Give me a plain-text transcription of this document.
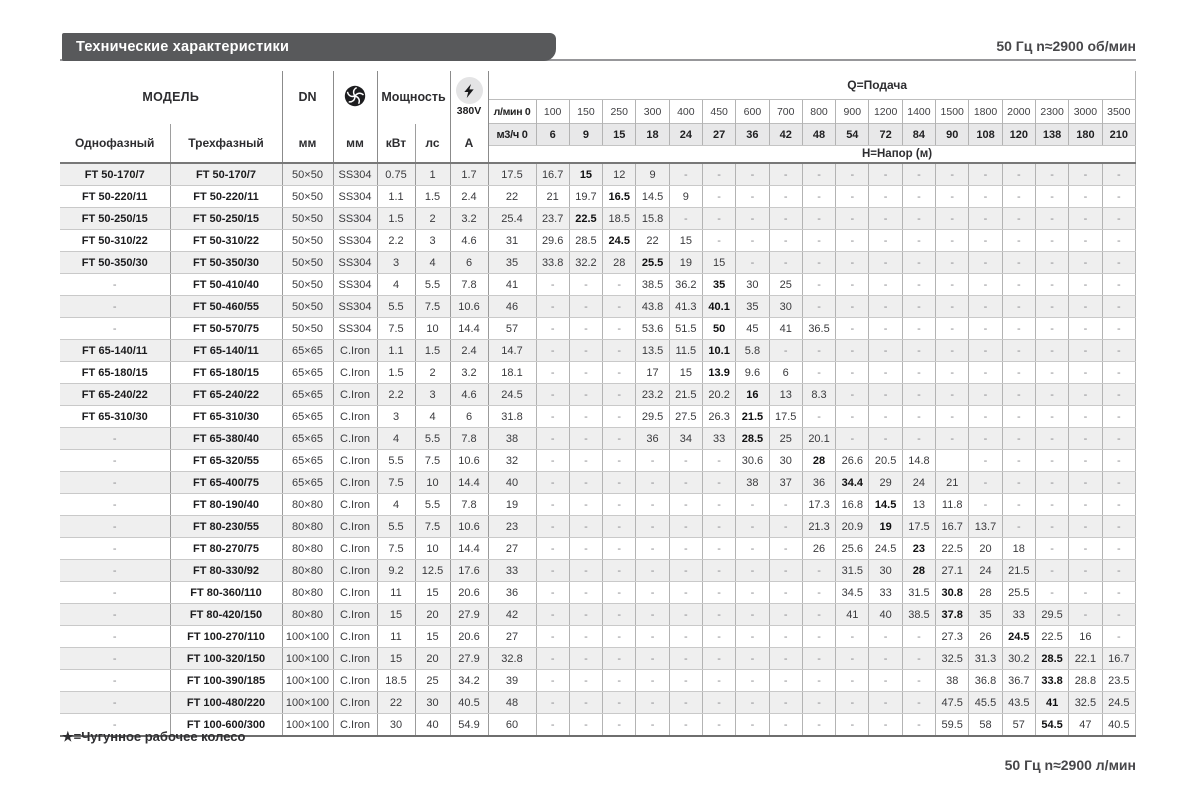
Технические характеристики	50 Гц n≈2900 об/мин
МОДЕЛЬ		DN		Мощность		380V	Q=Подача																		
							л/мин 0	100	150	250	300	400	450	600	700	800	900	1200	1400	1500	1800	2000	2300	3000	3500
Однофазный	Трехфазный	мм	мм	кВт	лс	A	м3/ч 0	6	9	15	18	24	27	36	42	48	54	72	84	90	108	120	138	180	210
							H=Напор (м)																		
FT 50-170/7	FT 50-170/7	50×50	SS304	0.75	1	1.7	17.5	16.7	15	12	9	-	-	-	-	-	-	-	-	-	-	-	-	-	-
FT 50-220/11	FT 50-220/11	50×50	SS304	1.1	1.5	2.4	22	21	19.7	16.5	14.5	9	-	-	-	-	-	-	-	-	-	-	-	-	-
FT 50-250/15	FT 50-250/15	50×50	SS304	1.5	2	3.2	25.4	23.7	22.5	18.5	15.8	-	-	-	-	-	-	-	-	-	-	-	-	-	-
FT 50-310/22	FT 50-310/22	50×50	SS304	2.2	3	4.6	31	29.6	28.5	24.5	22	15	-	-	-	-	-	-	-	-	-	-	-	-	-
FT 50-350/30	FT 50-350/30	50×50	SS304	3	4	6	35	33.8	32.2	28	25.5	19	15	-	-	-	-	-	-	-	-	-	-	-	-
-	FT 50-410/40	50×50	SS304	4	5.5	7.8	41	-	-	-	38.5	36.2	35	30	25	-	-	-	-	-	-	-	-	-	-
-	FT 50-460/55	50×50	SS304	5.5	7.5	10.6	46	-	-	-	43.8	41.3	40.1	35	30	-	-	-	-	-	-	-	-	-	-
-	FT 50-570/75	50×50	SS304	7.5	10	14.4	57	-	-	-	53.6	51.5	50	45	41	36.5	-	-	-	-	-	-	-	-	-
FT 65-140/11	FT 65-140/11	65×65	C.Iron	1.1	1.5	2.4	14.7	-	-	-	13.5	11.5	10.1	5.8	-	-	-	-	-	-	-	-	-	-	-
FT 65-180/15	FT 65-180/15	65×65	C.Iron	1.5	2	3.2	18.1	-	-	-	17	15	13.9	9.6	6	-	-	-	-	-	-	-	-	-	-
FT 65-240/22	FT 65-240/22	65×65	C.Iron	2.2	3	4.6	24.5	-	-	-	23.2	21.5	20.2	16	13	8.3	-	-	-	-	-	-	-	-	-
FT 65-310/30	FT 65-310/30	65×65	C.Iron	3	4	6	31.8	-	-	-	29.5	27.5	26.3	21.5	17.5	-	-	-	-	-	-	-	-	-	-
-	FT 65-380/40	65×65	C.Iron	4	5.5	7.8	38	-	-	-	36	34	33	28.5	25	20.1	-	-	-	-	-	-	-	-	-
-	FT 65-320/55	65×65	C.Iron	5.5	7.5	10.6	32	-	-	-	-	-	-	30.6	30	28	26.6	20.5	14.8		-	-	-	-	-
-	FT 65-400/75	65×65	C.Iron	7.5	10	14.4	40	-	-	-	-	-	-	38	37	36	34.4	29	24	21	-	-	-	-	-
-	FT 80-190/40	80×80	C.Iron	4	5.5	7.8	19	-	-	-	-	-	-	-	-	17.3	16.8	14.5	13	11.8	-	-	-	-	-
-	FT 80-230/55	80×80	C.Iron	5.5	7.5	10.6	23	-	-	-	-	-	-	-	-	21.3	20.9	19	17.5	16.7	13.7	-	-	-	-
-	FT 80-270/75	80×80	C.Iron	7.5	10	14.4	27	-	-	-	-	-	-	-	-	26	25.6	24.5	23	22.5	20	18	-	-	-
-	FT 80-330/92	80×80	C.Iron	9.2	12.5	17.6	33	-	-	-	-	-	-	-	-	-	31.5	30	28	27.1	24	21.5	-	-	-
-	FT 80-360/110	80×80	C.Iron	11	15	20.6	36	-	-	-	-	-	-	-	-	-	34.5	33	31.5	30.8	28	25.5	-	-	-
-	FT 80-420/150	80×80	C.Iron	15	20	27.9	42	-	-	-	-	-	-	-	-	-	41	40	38.5	37.8	35	33	29.5	-	-
-	FT 100-270/110	100×100	C.Iron	11	15	20.6	27	-	-	-	-	-	-	-	-	-	-	-	-	27.3	26	24.5	22.5	16	-
-	FT 100-320/150	100×100	C.Iron	15	20	27.9	32.8	-	-	-	-	-	-	-	-	-	-	-	-	32.5	31.3	30.2	28.5	22.1	16.7
-	FT 100-390/185	100×100	C.Iron	18.5	25	34.2	39	-	-	-	-	-	-	-	-	-	-	-	-	38	36.8	36.7	33.8	28.8	23.5
-	FT 100-480/220	100×100	C.Iron	22	30	40.5	48	-	-	-	-	-	-	-	-	-	-	-	-	47.5	45.5	43.5	41	32.5	24.5
-	FT 100-600/300	100×100	C.Iron	30	40	54.9	60	-	-	-	-	-	-	-	-	-	-	-	-	59.5	58	57	54.5	47	40.5
★=Чугунное рабочее колесо
50 Гц n≈2900 л/мин
